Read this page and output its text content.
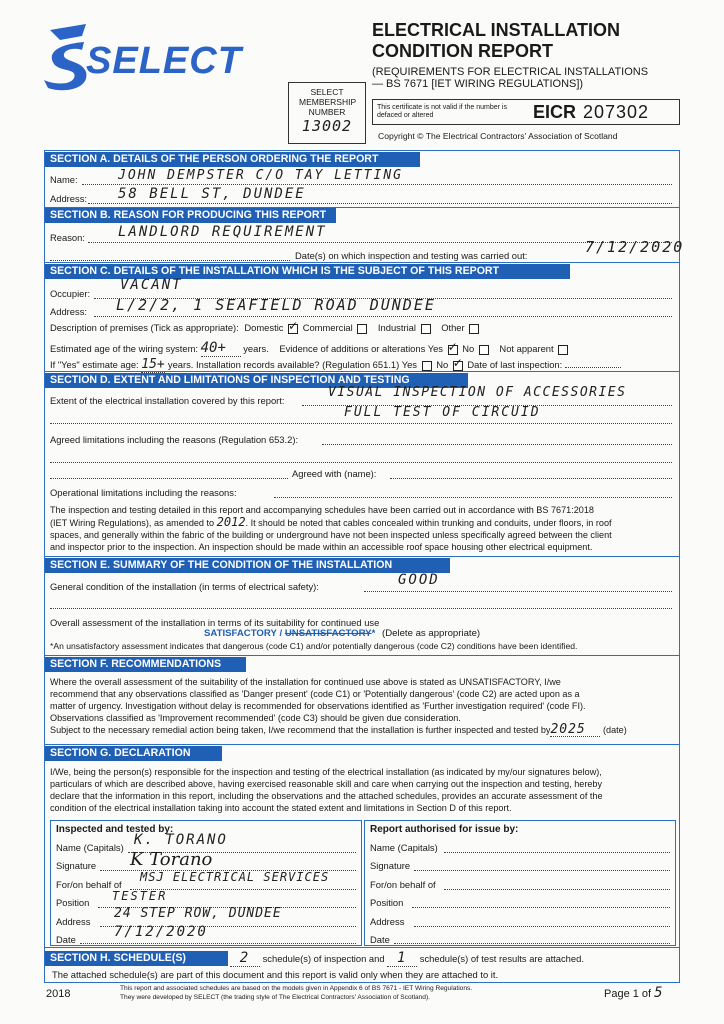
SELECT
ELECTRICAL INSTALLATION
CONDITION REPORT
(REQUIREMENTS FOR ELECTRICAL INSTALLATIONS
— BS 7671 [IET WIRING REGULATIONS])
SELECT MEMBERSHIP NUMBER
13002
This certificate is not valid if the number is defaced or altered	EICR 207302
Copyright © The Electrical Contractors' Association of Scotland
SECTION A. DETAILS OF THE PERSON ORDERING THE REPORT
Name:	JOHN DEMPSTER C/O TAY LETTING
Address: 58 BELL ST, DUNDEE
SECTION B. REASON FOR PRODUCING THIS REPORT
Reason: LANDLORD REQUIREMENT
Date(s) on which inspection and testing was carried out:	7/12/2020
SECTION C. DETAILS OF THE INSTALLATION WHICH IS THE SUBJECT OF THIS REPORT
Occupier:
VACANT
Address: L/2/2, 1 SEAFIELD ROAD DUNDEE
Description of premises (Tick as appropriate): Domestic ✓ Commercial	Industrial	Other
Estimated age of the wiring system: 40+ years. Evidence of additions or alterations Yes ✓ No	Not apparent
If "Yes" estimate age: 15+ years. Installation records available? (Regulation 651.1) Yes No ✓ Date of last inspection:
SECTION D. EXTENT AND LIMITATIONS OF INSPECTION AND TESTING
Extent of the electrical installation covered by this report:
VISUAL INSPECTION OF ACCESSORIES
FULL TEST OF CIRCUID
Agreed limitations including the reasons (Regulation 653.2):
Agreed with (name):
Operational limitations including the reasons:
The inspection and testing detailed in this report and accompanying schedules have been carried out in accordance with BS 7671:2018
(IET Wiring Regulations), as amended to 2012. It should be noted that cables concealed within trunking and conduits, under floors, in roof
spaces, and generally within the fabric of the building or underground have not been inspected unless specifically agreed between the client
and inspector prior to the inspection. An inspection should be made within an accessible roof space housing other electrical equipment.
SECTION E. SUMMARY OF THE CONDITION OF THE INSTALLATION
General condition of the installation (in terms of electrical safety):	GOOD
Overall assessment of the installation in terms of its suitability for continued use
SATISFACTORY / UNSATISFACTORY* (Delete as appropriate)
*An unsatisfactory assessment indicates that dangerous (code C1) and/or potentially dangerous (code C2) conditions have been identified.
SECTION F. RECOMMENDATIONS
Where the overall assessment of the suitability of the installation for continued use above is stated as UNSATISFACTORY, I/we
recommend that any observations classified as 'Danger present' (code C1) or 'Potentially dangerous' (code C2) are acted upon as a
matter of urgency. Investigation without delay is recommended for observations identified as 'Further investigation required' (code FI).
Observations classified as 'Improvement recommended' (code C3) should be given due consideration.
Subject to the necessary remedial action being taken, I/we recommend that the installation is further inspected and tested by2025 (date)
SECTION G. DECLARATION
I/We, being the person(s) responsible for the inspection and testing of the electrical installation (as indicated by my/our signatures below),
particulars of which are described above, having exercised reasonable skill and care when carrying out the inspection and testing, hereby
declare that the information in this report, including the observations and the attached schedules, provides an accurate assessment of the
condition of the electrical installation taking into account the stated extent and limitations in Section D of this report.
Inspected and tested by:
Name (Capitals) K. TORANO
Signature K Torano
For/on behalf of
MSJ ELECTRICAL SERVICES
Position TESTER
Address
24 STEP ROW, DUNDEE
Date	7/12/2020
Report authorised for issue by:
Name (Capitals)
Signature
For/on behalf of
Position
Address
Date
SECTION H. SCHEDULE(S)	2 schedule(s) of inspection and 1 schedule(s) of test results are attached.
The attached schedule(s) are part of this document and this report is valid only when they are attached to it.
2018	This report and associated schedules are based on the models given in Appendix 6 of BS 7671 - IET Wiring Regulations.
They were developed by SELECT (the trading style of The Electrical Contractors' Association of Scotland).	Page 1 of 5
